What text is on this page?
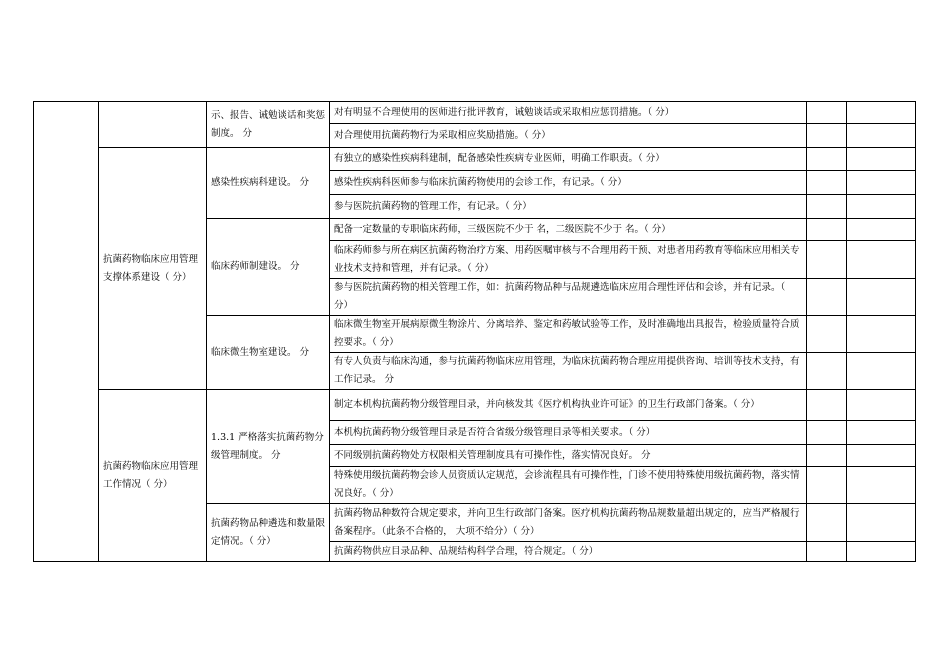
		示、报告、诫勉谈话和奖惩制度。 分	对有明显不合理使用的医师进行批评教育，诫勉谈话或采取相应惩罚措施。（ 分）		
			对合理使用抗菌药物行为采取相应奖励措施。（ 分）		
	抗菌药物临床应用管理支撑体系建设（ 分）	感染性疾病科建设。 分	有独立的感染性疾病科建制，配备感染性疾病专业医师，明确工作职责。（ 分）		
			感染性疾病科医师参与临床抗菌药物使用的会诊工作，有记录。（ 分）		
			参与医院抗菌药物的管理工作，有记录。（ 分）		
		临床药师制建设。 分	配备一定数量的专职临床药师，三级医院不少于 名，二级医院不少于 名。（ 分）		
			临床药师参与所在病区抗菌药物治疗方案、用药医嘱审核与不合理用药干预、对患者用药教育等临床应用相关专业技术支持和管理，并有记录。（ 分）		
			参与医院抗菌药物的相关管理工作，如：抗菌药物品种与品规遴选临床应用合理性评估和会诊，并有记录。（ 分）		
		临床微生物室建设。 分	临床微生物室开展病原微生物涂片、分离培养、鉴定和药敏试验等工作，及时准确地出具报告，检验质量符合质控要求。（ 分）		
			有专人负责与临床沟通，参与抗菌药物临床应用管理，为临床抗菌药物合理应用提供咨询、培训等技术支持，有工作记录。 分		
	抗菌药物临床应用管理工作情况（ 分）	1.3.1 严格落实抗菌药物分级管理制度。 分	制定本机构抗菌药物分级管理目录，并向核发其《医疗机构执业许可证》的卫生行政部门备案。（ 分）		
			本机构抗菌药物分级管理目录是否符合省级分级管理目录等相关要求。（ 分）		
			不同级别抗菌药物处方权限相关管理制度具有可操作性，落实情况良好。 分		
			特殊使用级抗菌药物会诊人员资质认定规范，会诊流程具有可操作性，门诊不使用特殊使用级抗菌药物，落实情况良好。（ 分）		
		抗菌药物品种遴选和数量限定情况。（ 分）	抗菌药物品种数符合规定要求，并向卫生行政部门备案。医疗机构抗菌药物品规数量超出规定的，应当严格履行备案程序。（此条不合格的， 大项不给分）（ 分）		
			抗菌药物供应目录品种、品规结构科学合理，符合规定。（ 分）		
